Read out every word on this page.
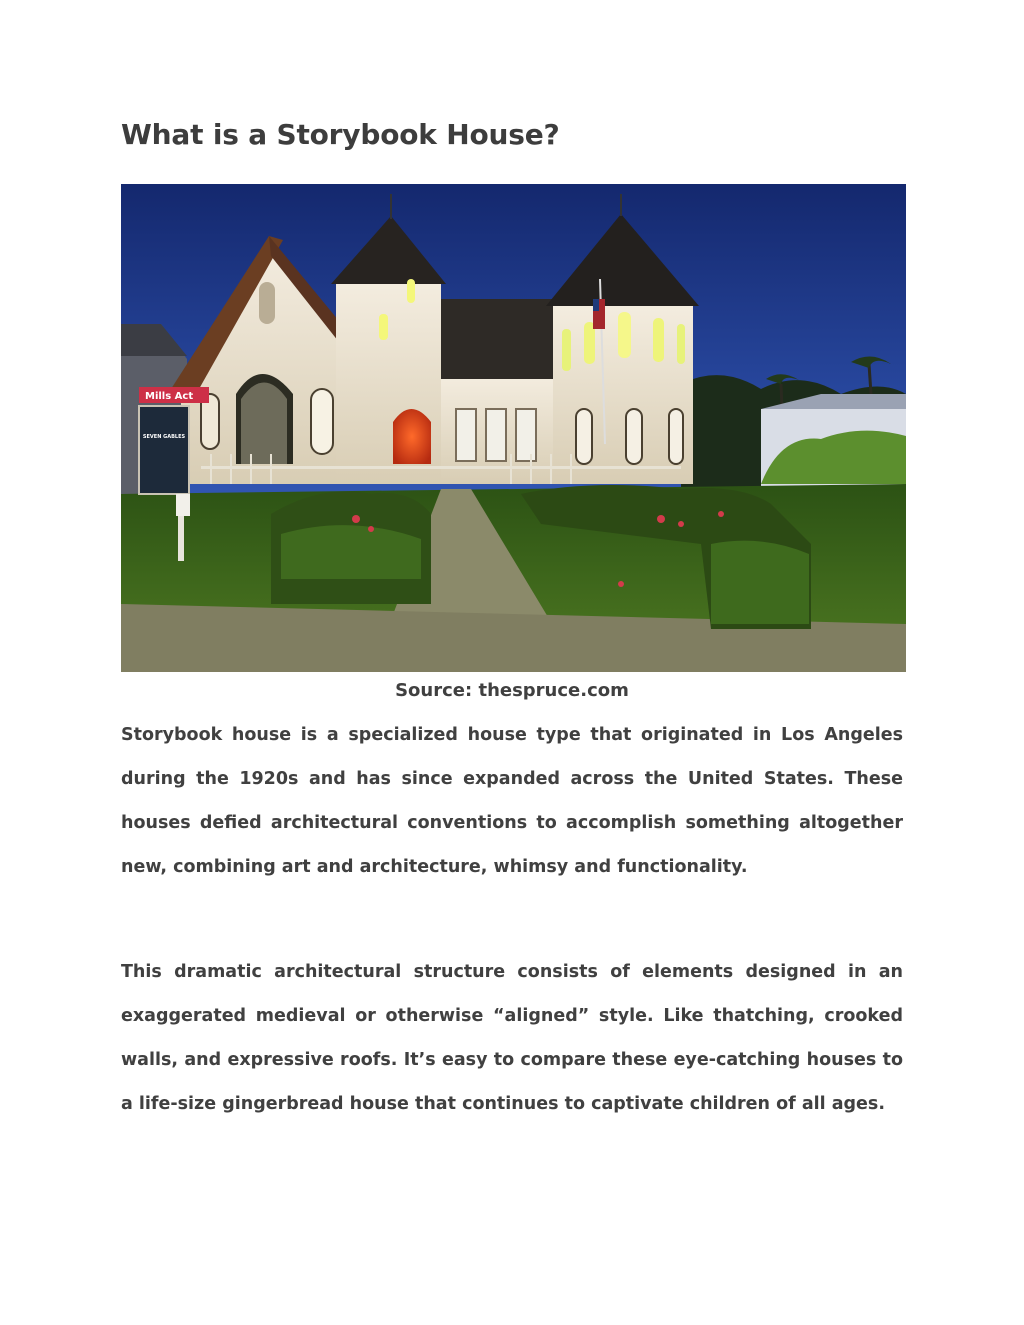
What is a Storybook House?
Mills Act
SEVEN GABLES
Source: thespruce.com

Storybook house is a specialized house type that originated in Los Angeles during the 1920s and has since expanded across the United States. These houses defied architectural conventions to accomplish something altogether new, combining art and architecture, whimsy and functionality.

This dramatic architectural structure consists of elements designed in an exaggerated medieval or otherwise “aligned” style. Like thatching, crooked walls, and expressive roofs. It’s easy to compare these eye-catching houses to a life-size gingerbread house that continues to captivate children of all ages.
